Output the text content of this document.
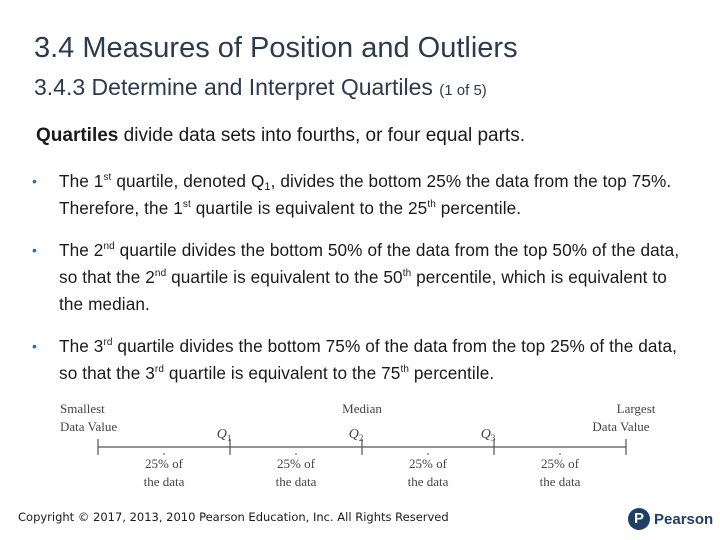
3.4 Measures of Position and Outliers
3.4.3 Determine and Interpret Quartiles (1 of 5)
Quartiles divide data sets into fourths, or four equal parts.
• The 1st quartile, denoted $Q_1$, divides the bottom 25% the data from the top 75%. Therefore, the 1st quartile is equivalent to the 25th percentile.
• The 2nd quartile divides the bottom 50% of the data from the top 50% of the data, so that the 2nd quartile is equivalent to the 50th percentile, which is equivalent to the median.
• The 3rd quartile divides the bottom 75% of the data from the top 25% of the data, so that the 3rd quartile is equivalent to the 75th percentile.
25% of
the data
25% of
the data
25% of
the data
25% of
the data
Smallest
Data Value
Largest
Data Value
Median
$Q_1$	$Q_2$	$Q_3$
Copyright © 2017, 2013, 2010 Pearson Education, Inc. All Rights Reserved	P Pearson
